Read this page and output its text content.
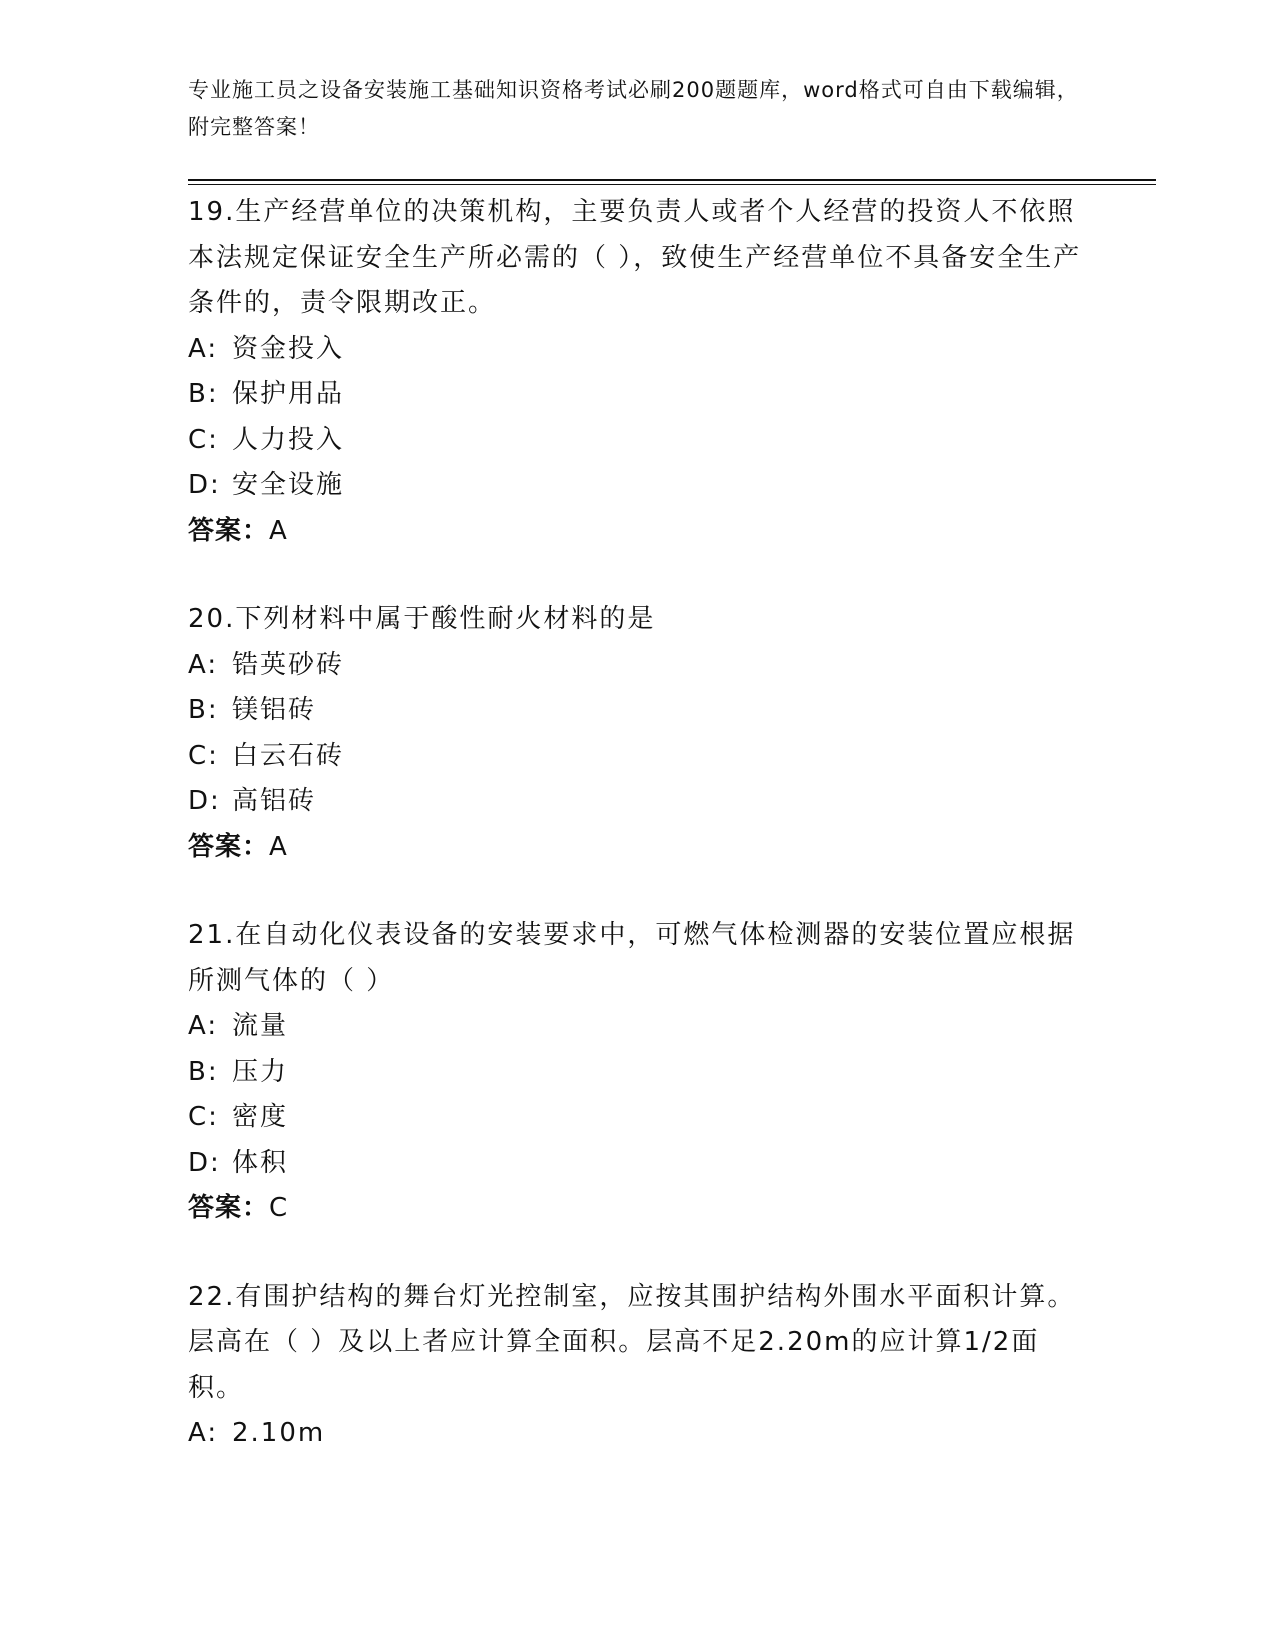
专业施工员之设备安装施工基础知识资格考试必刷200题题库，word格式可自由下载编辑，附完整答案！

19.生产经营单位的决策机构，主要负责人或者个人经营的投资人不依照本法规定保证安全生产所必需的（ ），致使生产经营单位不具备安全生产条件的，责令限期改正。

A: 资金投入

B: 保护用品

C: 人力投入

D: 安全设施

答案：A

20.下列材料中属于酸性耐火材料的是

A: 锆英砂砖

B: 镁铝砖

C: 白云石砖

D: 高铝砖

答案：A

21.在自动化仪表设备的安装要求中，可燃气体检测器的安装位置应根据所测气体的（ ）

A: 流量

B: 压力

C: 密度

D: 体积

答案：C

22.有围护结构的舞台灯光控制室，应按其围护结构外围水平面积计算。层高在（ ）及以上者应计算全面积。层高不足2.20m的应计算1/2面积。

A: 2.10m
